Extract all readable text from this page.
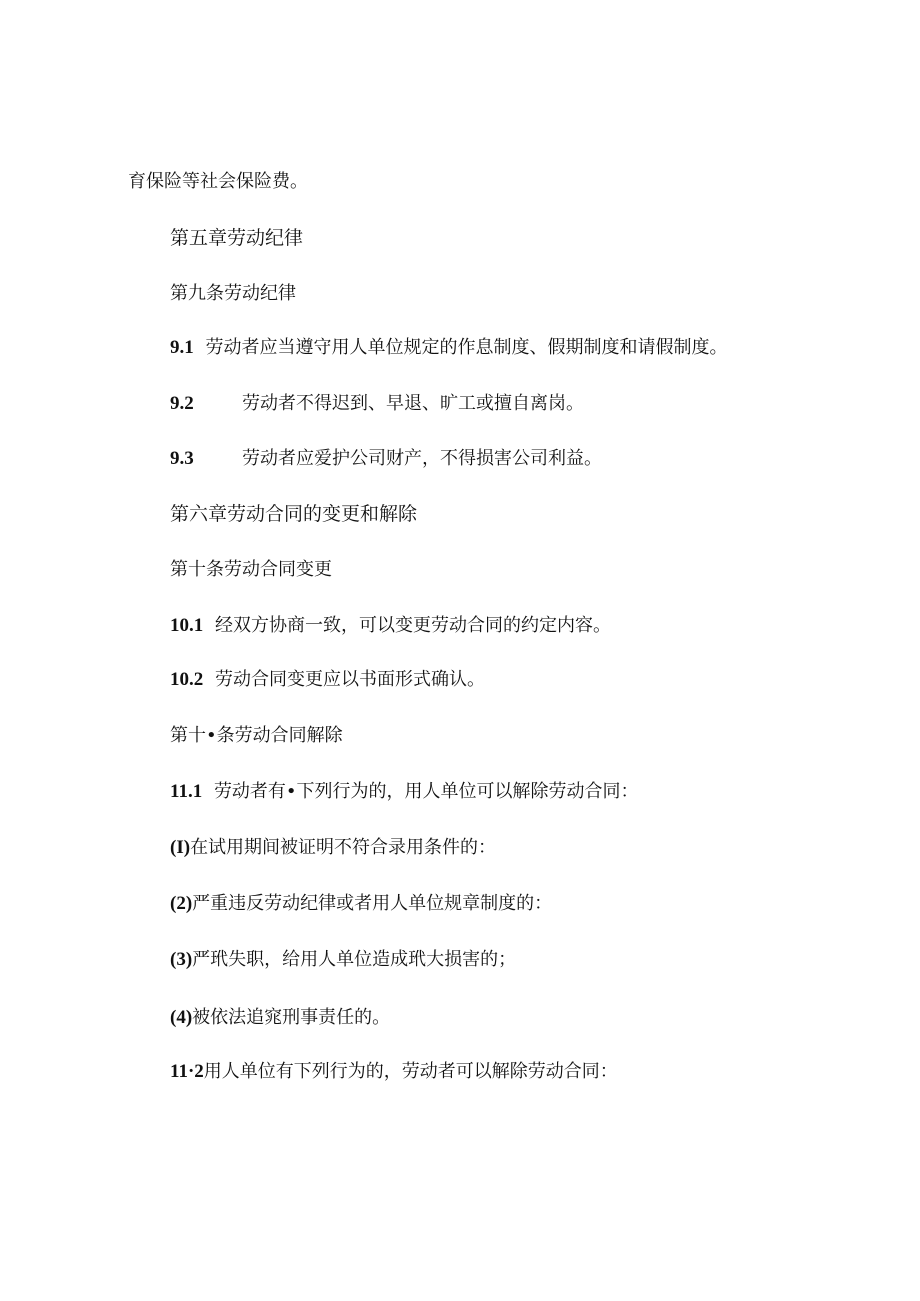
育保险等社会保险费。
第五章劳动纪律
第九条劳动纪律
9.1 劳动者应当遵守用人单位规定的作息制度、假期制度和请假制度。
9.2	劳动者不得迟到、早退、旷工或擅自离岗。
9.3	劳动者应爱护公司财产，不得损害公司利益。
第六章劳动合同的变更和解除
第十条劳动合同变更
10.1 经双方协商一致，可以变更劳动合同的约定内容。
10.2 劳动合同变更应以书面形式确认。
第十•条劳动合同解除
11.1 劳动者有•下列行为的，用人单位可以解除劳动合同：
(I)在试用期间被证明不符合录用条件的：
(2)严重违反劳动纪律或者用人单位规章制度的：
(3)严玳失职，给用人单位造成玳大损害的；
(4)被依法追窕刑事责任的。
11·2用人单位有下列行为的，劳动者可以解除劳动合同：
